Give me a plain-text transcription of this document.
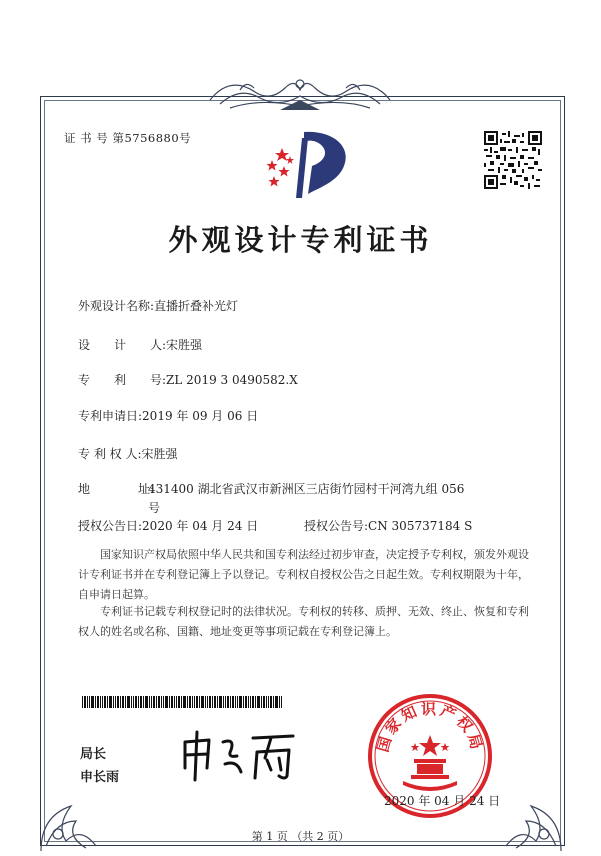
证 书 号 第5756880号
外观设计专利证书
外观设计名称:直播折叠补光灯
设　　计　　人:宋胜强
专　　利　　号:ZL 2019 3 0490582.X
专利申请日:2019 年 09 月 06 日
专 利 权 人:宋胜强
地　　　　址:
431400 湖北省武汉市新洲区三店街竹园村干河湾九组 056 号
授权公告日:2020 年 04 月 24 日	授权公告号:CN 305737184 S
国家知识产权局依照中华人民共和国专利法经过初步审查，决定授予专利权，颁发外观设计专利证书并在专利登记簿上予以登记。专利权自授权公告之日起生效。专利权期限为十年，自申请日起算。
专利证书记载专利权登记时的法律状况。专利权的转移、质押、无效、终止、恢复和专利权人的姓名或名称、国籍、地址变更等事项记载在专利登记簿上。
局长
申长雨
国家知识产权局
2020 年 04 月 24 日
第 1 页 （共 2 页）
